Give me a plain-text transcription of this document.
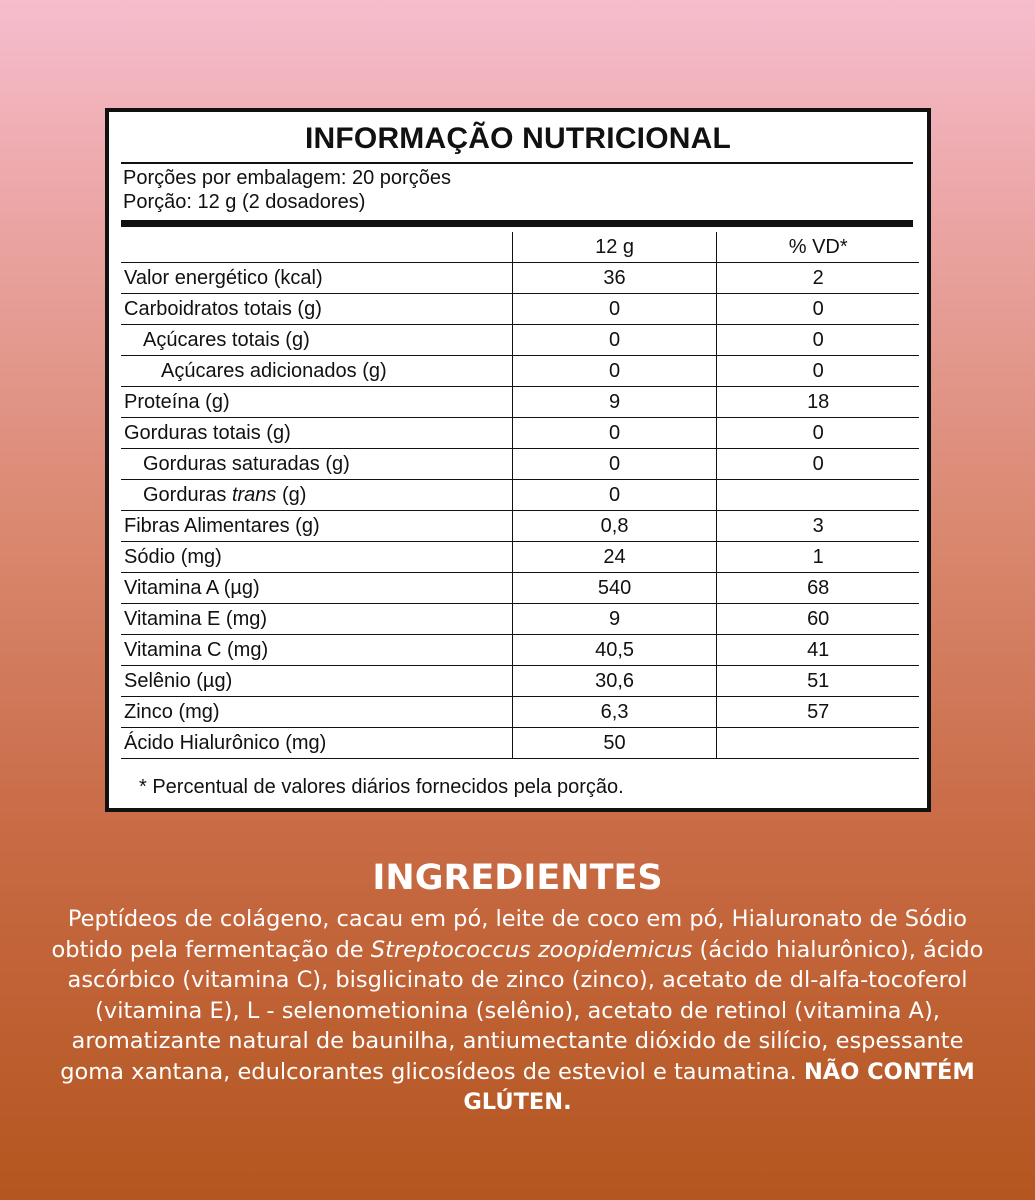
INFORMAÇÃO NUTRICIONAL
Porções por embalagem: 20 porções
Porção: 12 g (2 dosadores)
	12 g	% VD*
Valor energético (kcal)	36	2
Carboidratos totais (g)	0	0
Açúcares totais (g)	0	0
Açúcares adicionados (g)	0	0
Proteína (g)	9	18
Gorduras totais (g)	0	0
Gorduras saturadas (g)	0	0
Gorduras trans (g)	0	
Fibras Alimentares (g)	0,8	3
Sódio (mg)	24	1
Vitamina A (µg)	540	68
Vitamina E (mg)	9	60
Vitamina C (mg)	40,5	41
Selênio (µg)	30,6	51
Zinco (mg)	6,3	57
Ácido Hialurônico (mg)	50	
* Percentual de valores diários fornecidos pela porção.
INGREDIENTES
Peptídeos de colágeno, cacau em pó, leite de coco em pó, Hialuronato de Sódio obtido pela fermentação de Streptococcus zoopidemicus (ácido hialurônico), ácido ascórbico (vitamina C), bisglicinato de zinco (zinco), acetato de dl-alfa-tocoferol (vitamina E), L - selenometionina (selênio), acetato de retinol (vitamina A), aromatizante natural de baunilha, antiumectante dióxido de silício, espessante goma xantana, edulcorantes glicosídeos de esteviol e taumatina. NÃO CONTÉM GLÚTEN.
